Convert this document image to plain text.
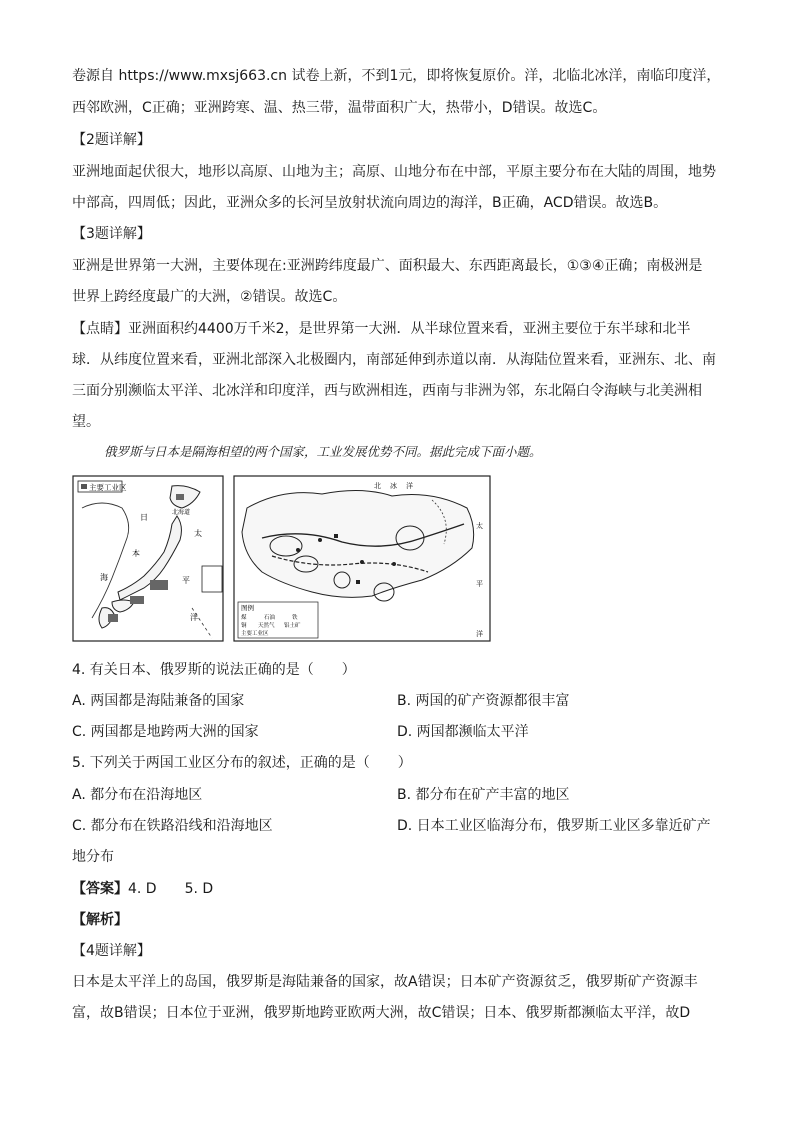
卷源自 https://www.mxsj663.cn 试卷上新，不到1元，即将恢复原价。洋，北临北冰洋，南临印度洋，
西邻欧洲，C正确；亚洲跨寒、温、热三带，温带面积广大，热带小，D错误。故选C。
【2题详解】
亚洲地面起伏很大，地形以高原、山地为主；高原、山地分布在中部，平原主要分布在大陆的周围，地势
中部高，四周低；因此，亚洲众多的长河呈放射状流向周边的海洋，B正确，ACD错误。故选B。
【3题详解】
亚洲是世界第一大洲，主要体现在:亚洲跨纬度最广、面积最大、东西距离最长，①③④正确；南极洲是
世界上跨经度最广的大洲，②错误。故选C。
【点睛】亚洲面积约4400万千米2，是世界第一大洲．从半球位置来看，亚洲主要位于东半球和北半
球．从纬度位置来看，亚洲北部深入北极圈内，南部延伸到赤道以南．从海陆位置来看，亚洲东、北、南
三面分别濒临太平洋、北冰洋和印度洋，西与欧洲相连，西南与非洲为邻，东北隔白令海峡与北美洲相
望。
俄罗斯与日本是隔海相望的两个国家，工业发展优势不同。据此完成下面小题。
主要工业区
日
本
海
太
平
洋
北海道
北 冰 洋
太
平
洋
图例
煤	石油	铁
铜 天然气 铝土矿
主要工业区
4. 有关日本、俄罗斯的说法正确的是（　　）
A. 两国都是海陆兼备的国家	B. 两国的矿产资源都很丰富
C. 两国都是地跨两大洲的国家	D. 两国都濒临太平洋
5. 下列关于两国工业区分布的叙述，正确的是（　　）
A. 都分布在沿海地区	B. 都分布在矿产丰富的地区
C. 都分布在铁路沿线和沿海地区	D. 日本工业区临海分布，俄罗斯工业区多靠近矿产
地分布
【答案】4. D　　5. D
【解析】
【4题详解】
日本是太平洋上的岛国，俄罗斯是海陆兼备的国家，故A错误；日本矿产资源贫乏，俄罗斯矿产资源丰
富，故B错误；日本位于亚洲，俄罗斯地跨亚欧两大洲，故C错误；日本、俄罗斯都濒临太平洋，故D
